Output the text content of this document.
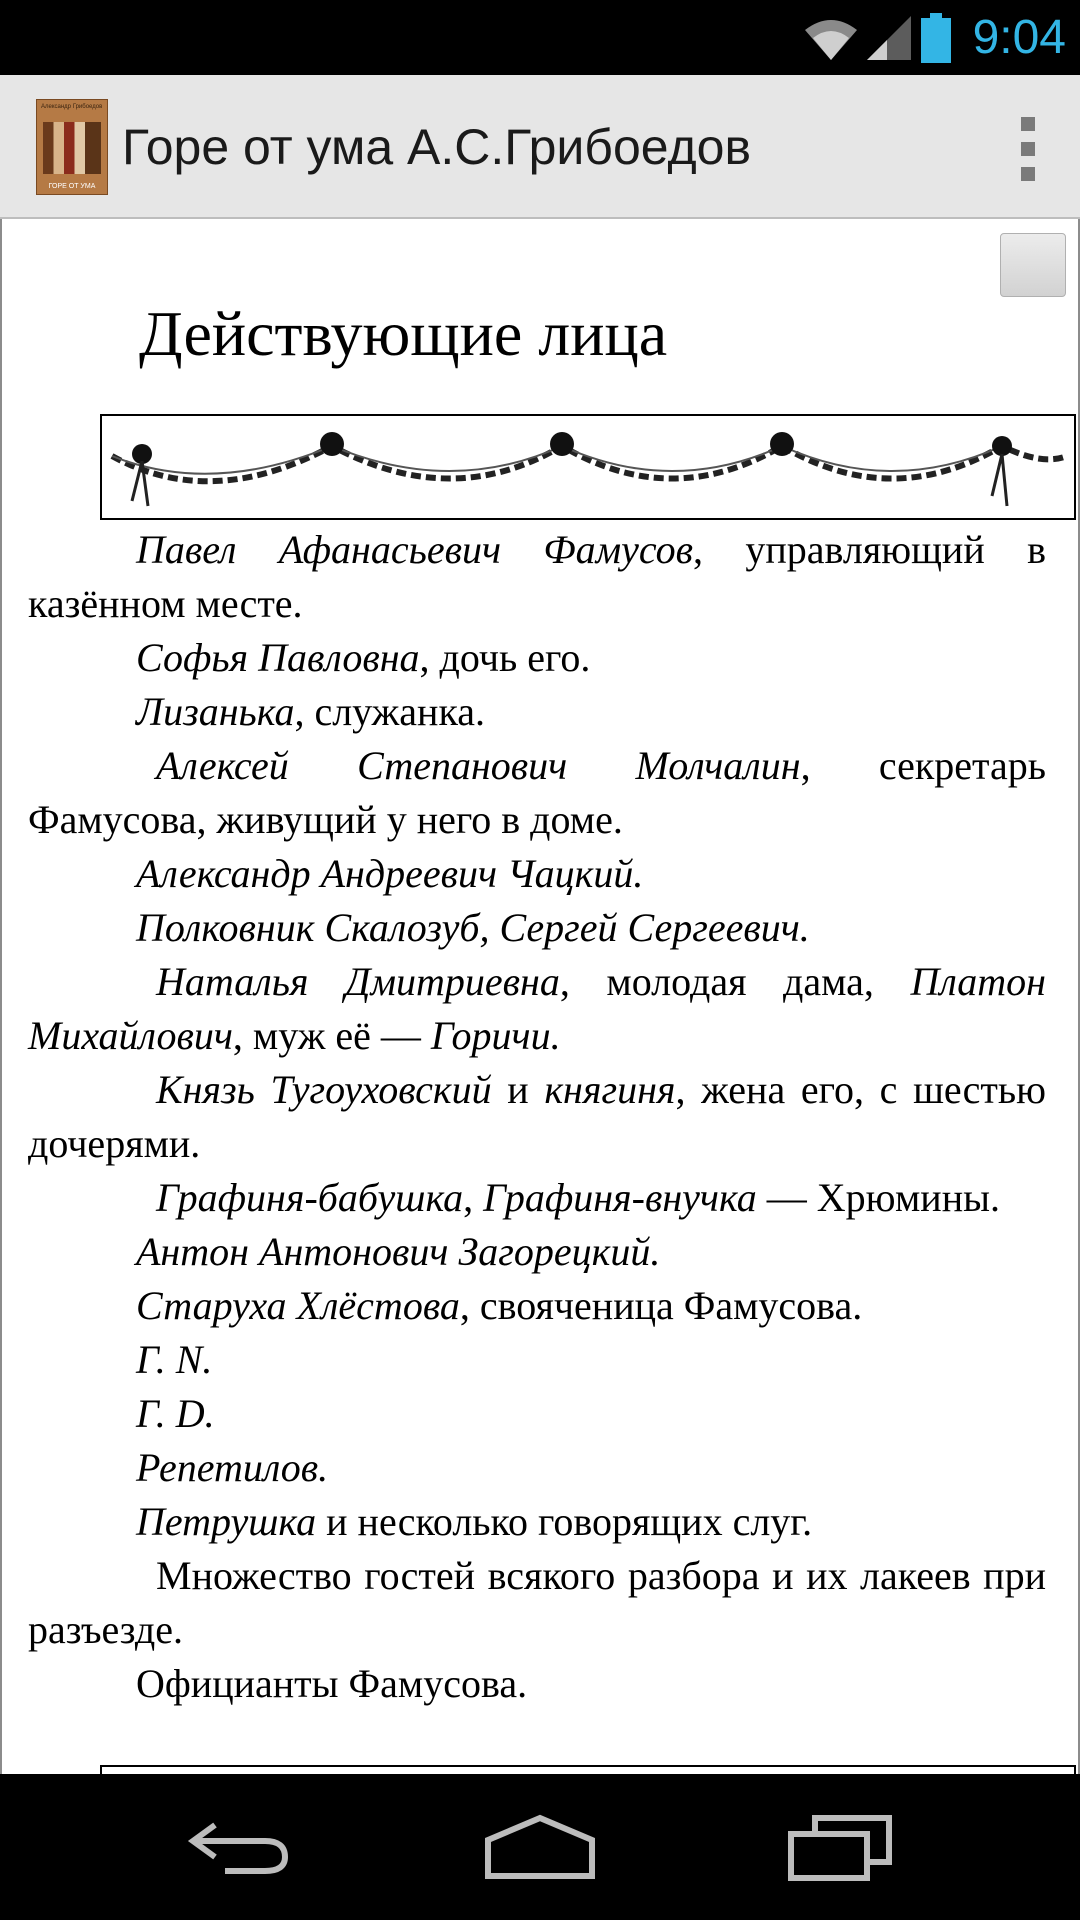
9:04
Александр Грибоедов
ГОРЕ ОТ УМА
Горе от ума А.С.Грибоедов
Действующие лица

Павел Афанасьевич Фамусов, управляющий в казённом месте.

Софья Павловна, дочь его.

Лизанька, служанка.

Алексей Степанович Молчалин, секретарь Фамусова, живущий у него в доме.

Александр Андреевич Чацкий.

Полковник Скалозуб, Сергей Сергеевич.

Наталья Дмитриевна, молодая дама, Платон Михайлович, муж её — Горичи.

Князь Тугоуховский и княгиня, жена его, с шестью дочерями.

Графиня-бабушка, Графиня-внучка — Хрюмины.

Антон Антонович Загорецкий.

Старуха Хлёстова, свояченица Фамусова.

Г. N.

Г. D.

Репетилов.

Петрушка и несколько говорящих слуг.

Множество гостей всякого разбора и их лакеев при разъезде.

Официанты Фамусова.
